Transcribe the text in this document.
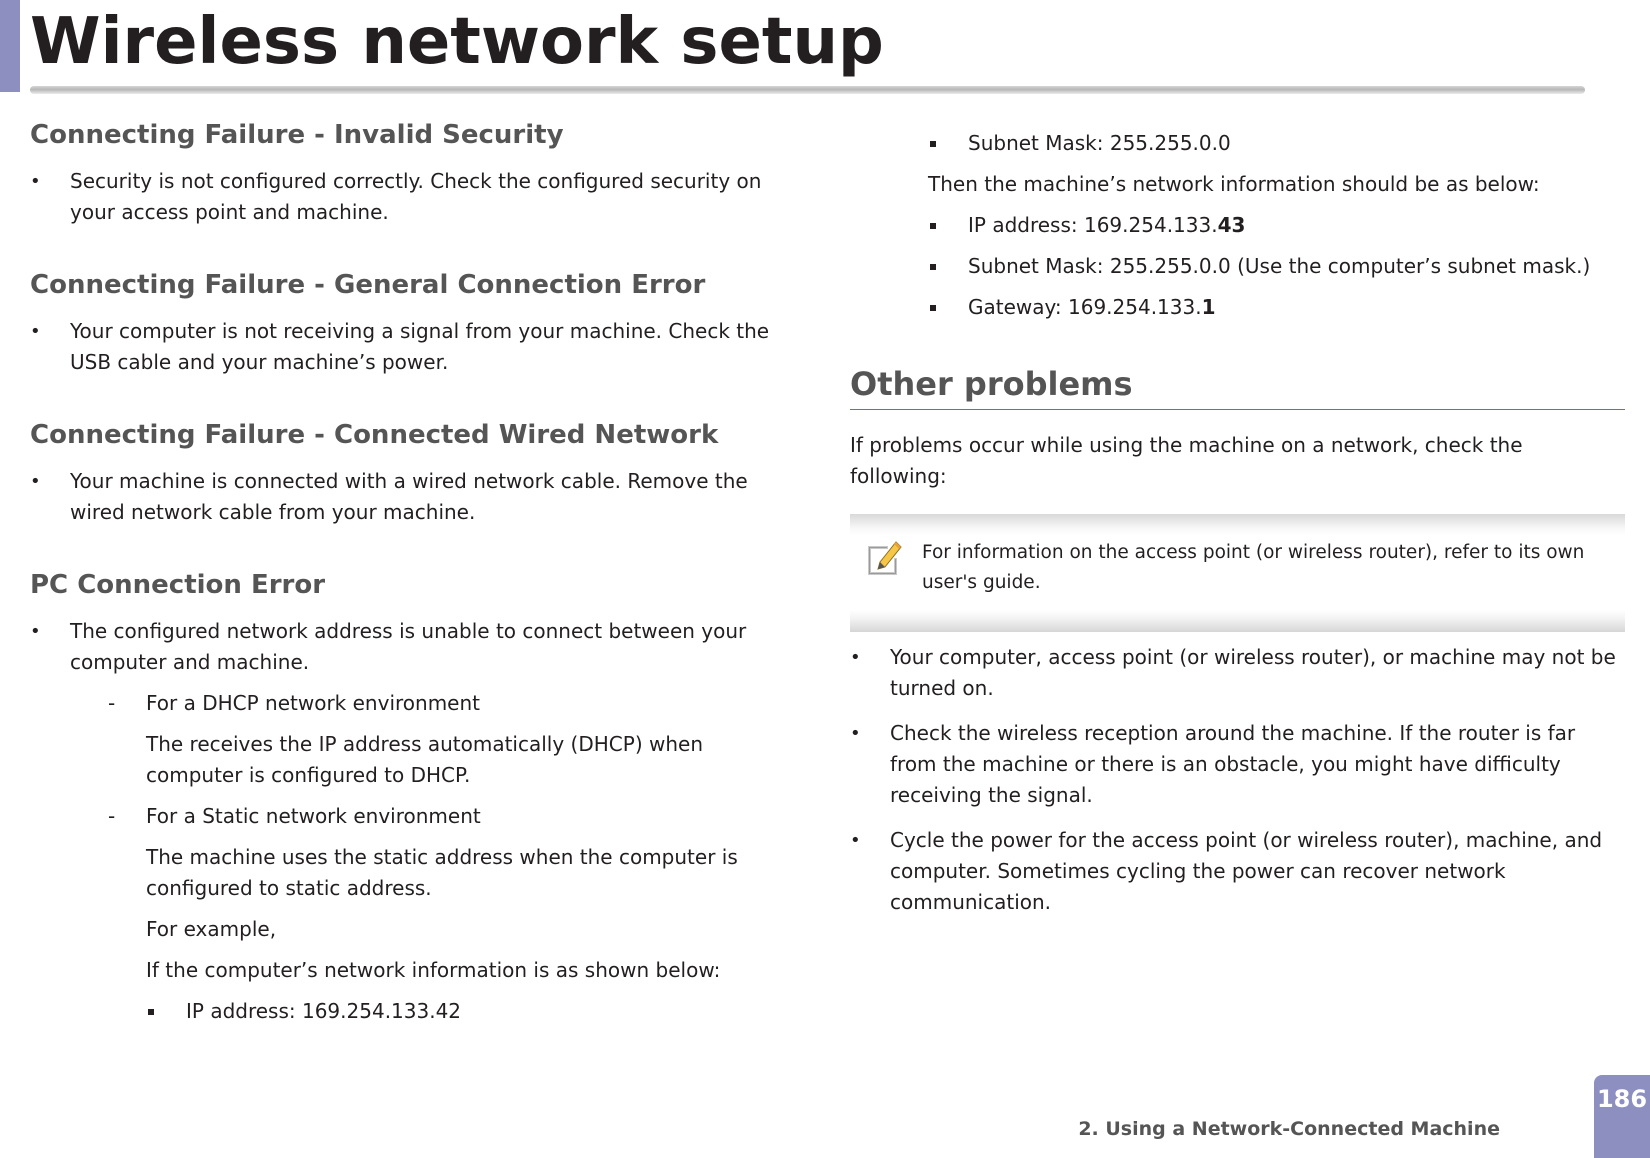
Wireless network setup
Connecting Failure - Invalid Security
• Security is not configured correctly. Check the configured security on your access point and machine.
Connecting Failure - General Connection Error
• Your computer is not receiving a signal from your machine. Check the USB cable and your machine’s power.
Connecting Failure - Connected Wired Network
• Your machine is connected with a wired network cable. Remove the wired network cable from your machine.
PC Connection Error
• The configured network address is unable to connect between your computer and machine.
- For a DHCP network environment

The receives the IP address automatically (DHCP) when computer is configured to DHCP.

- For a Static network environment

The machine uses the static address when the computer is configured to static address.

For example,

If the computer’s network information is as shown below:

IP address: 169.254.133.42
Subnet Mask: 255.255.0.0

Then the machine’s network information should be as below:

IP address: 169.254.133.43
Subnet Mask: 255.255.0.0 (Use the computer’s subnet mask.)
Gateway: 169.254.133.1
Other problems

If problems occur while using the machine on a network, check the following:

For information on the access point (or wireless router), refer to its own user's guide.

• Your computer, access point (or wireless router), or machine may not be turned on.
• Check the wireless reception around the machine. If the router is far from the machine or there is an obstacle, you might have difficulty receiving the signal.
• Cycle the power for the access point (or wireless router), machine, and computer. Sometimes cycling the power can recover network communication.
2. Using a Network-Connected Machine
186
